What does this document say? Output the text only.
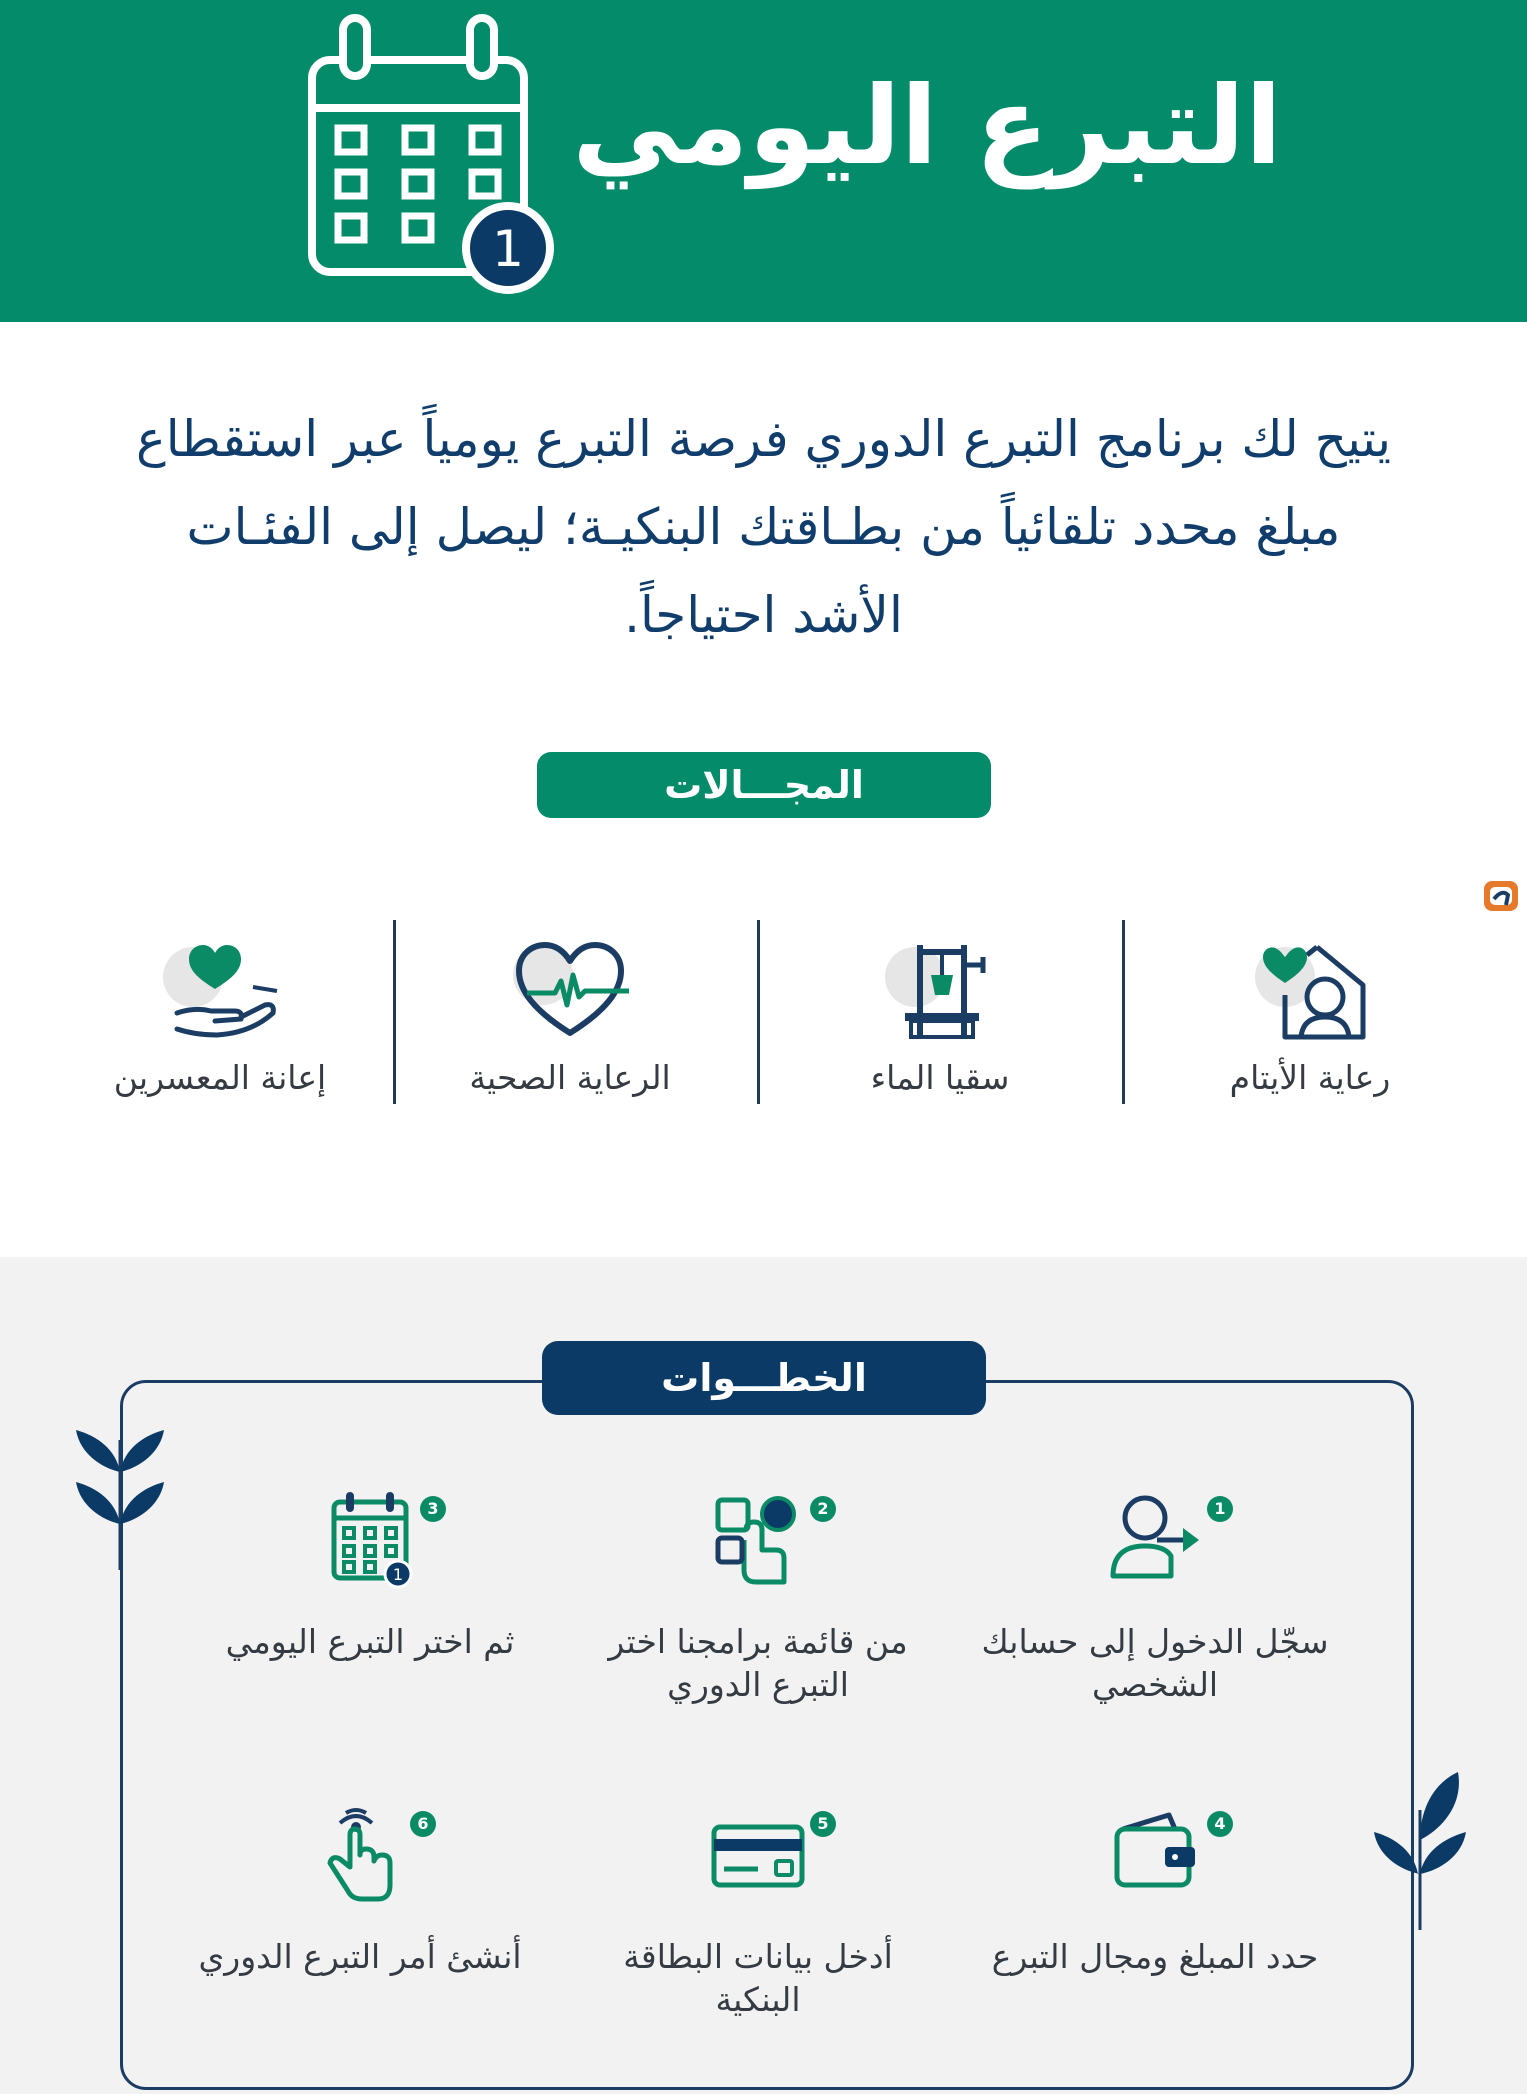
1
التبرع اليومي
يتيح لك برنامج التبرع الدوري فرصة التبرع يومياً عبر استقطاع مبلغ محدد تلقائياً من بطـاقتك البنكيـة؛ ليصل إلى الفئـات الأشد احتياجاً.
المجـــالات
رعاية الأيتام
سقيا الماء
الرعاية الصحية
إعانة المعسرين
الخطـــوات
1
سجّل الدخول إلى حسابك الشخصي
2
من قائمة برامجنا اختر التبرع الدوري
1
3
ثم اختر التبرع اليومي
4
حدد المبلغ ومجال التبرع
5
أدخل بيانات البطاقة البنكية
6
أنشئ أمر التبرع الدوري
